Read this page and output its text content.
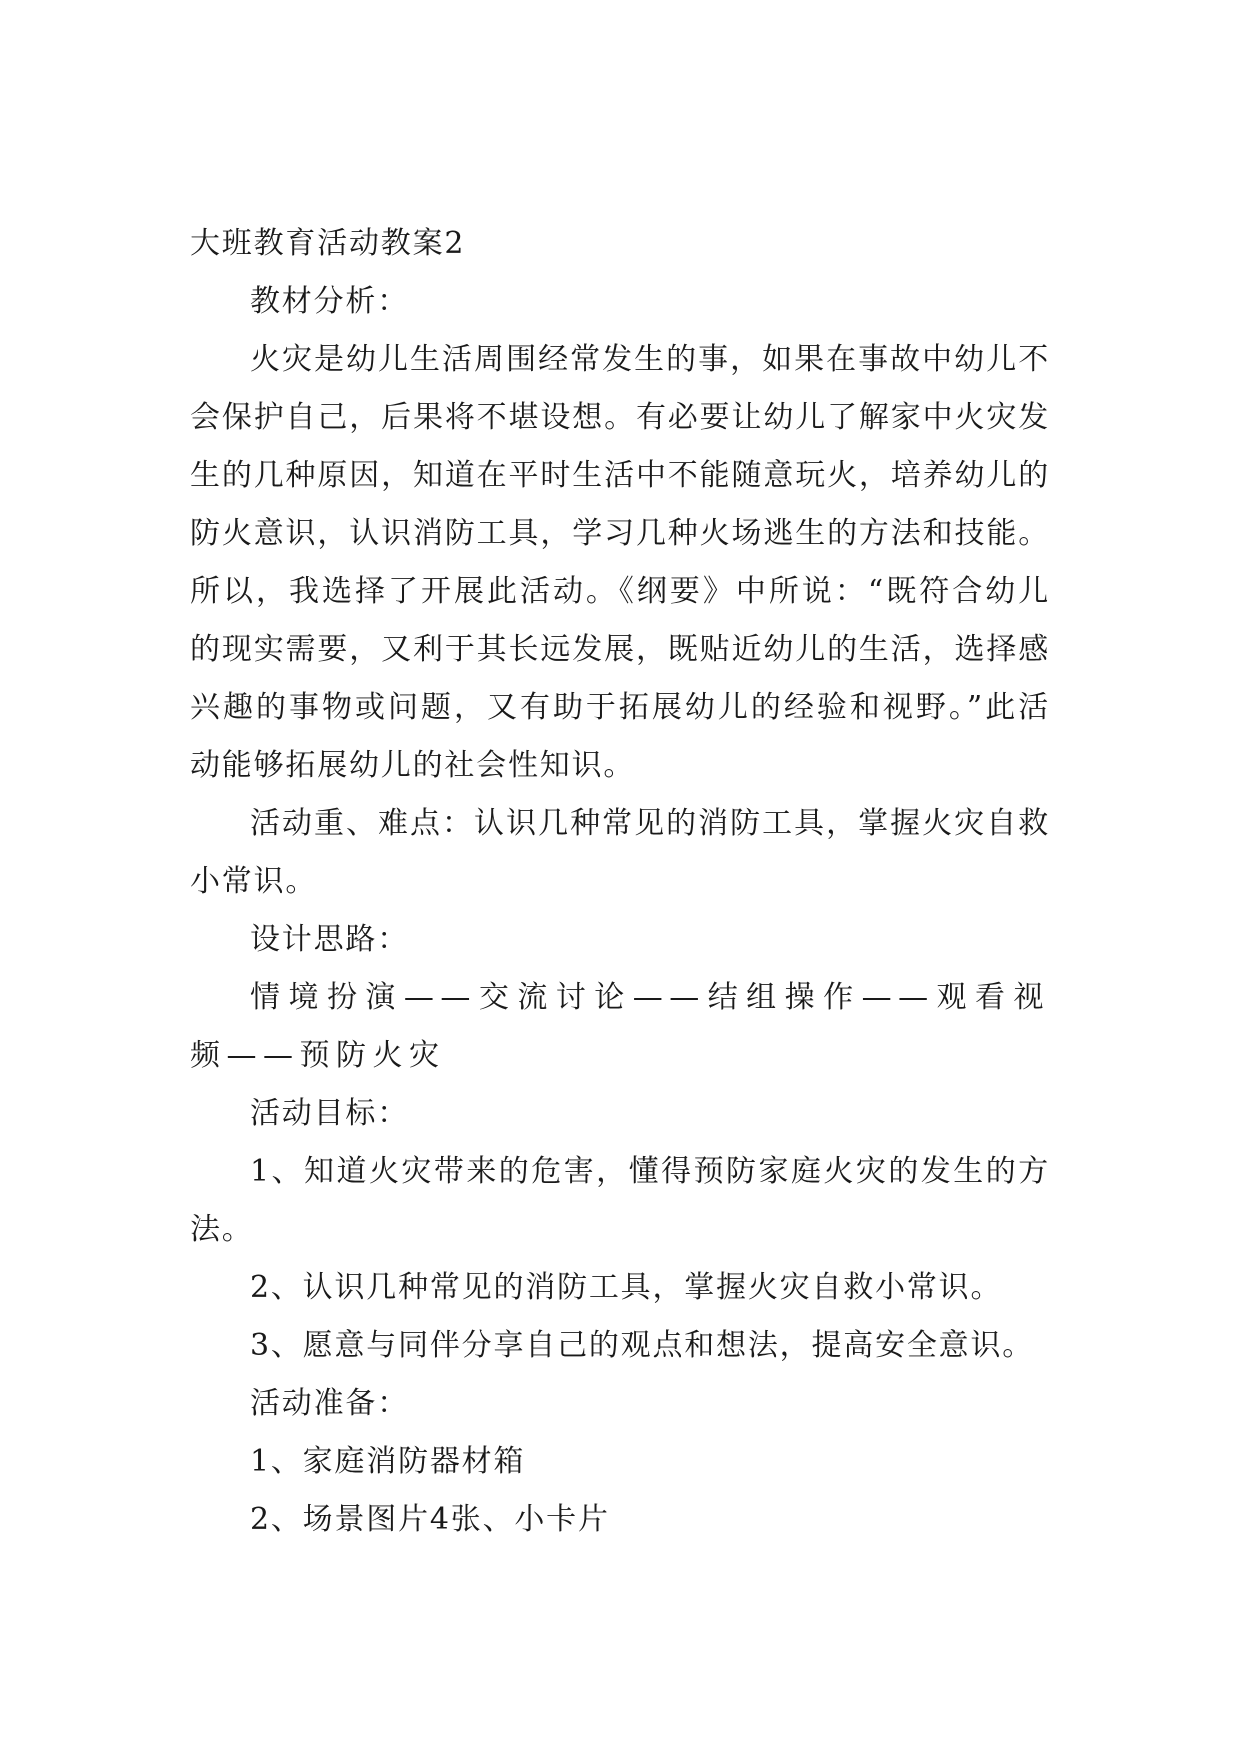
大班教育活动教案2

教材分析：

火灾是幼儿生活周围经常发生的事，如果在事故中幼儿不会保护自己，后果将不堪设想。有必要让幼儿了解家中火灾发生的几种原因，知道在平时生活中不能随意玩火，培养幼儿的防火意识，认识消防工具，学习几种火场逃生的方法和技能。所以，我选择了开展此活动。《纲要》中所说：“既符合幼儿的现实需要，又利于其长远发展，既贴近幼儿的生活，选择感兴趣的事物或问题，又有助于拓展幼儿的经验和视野。”此活动能够拓展幼儿的社会性知识。

活动重、难点：认识几种常见的消防工具，掌握火灾自救小常识。

设计思路：

情境扮演——交流讨论——结组操作——观看视频——预防火灾

活动目标：

1、知道火灾带来的危害，懂得预防家庭火灾的发生的方法。

2、认识几种常见的消防工具，掌握火灾自救小常识。

3、愿意与同伴分享自己的观点和想法，提高安全意识。

活动准备：

1、家庭消防器材箱

2、场景图片4张、小卡片
